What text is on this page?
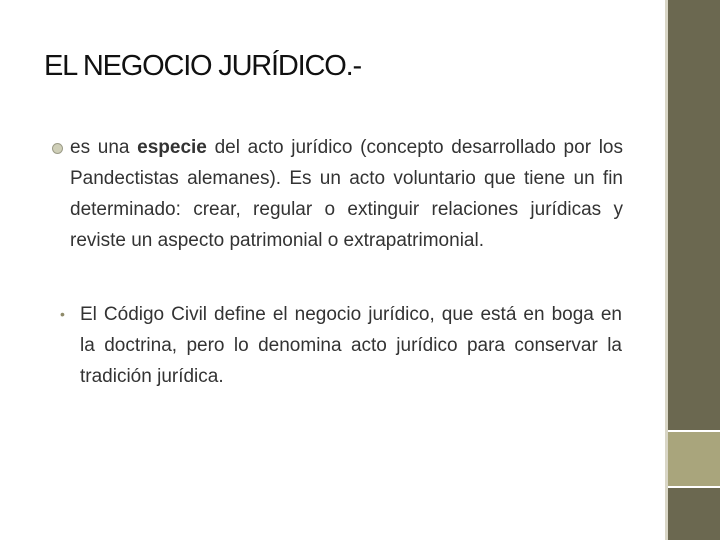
EL NEGOCIO JURÍDICO.-
es una especie del acto jurídico (concepto desarrollado por los Pandectistas alemanes). Es un acto voluntario que tiene un fin determinado: crear, regular o extinguir relaciones jurídicas y reviste un aspecto patrimonial o extrapatrimonial.
• El Código Civil define el negocio jurídico, que está en boga en la doctrina, pero lo denomina acto jurídico para conservar la tradición jurídica.
